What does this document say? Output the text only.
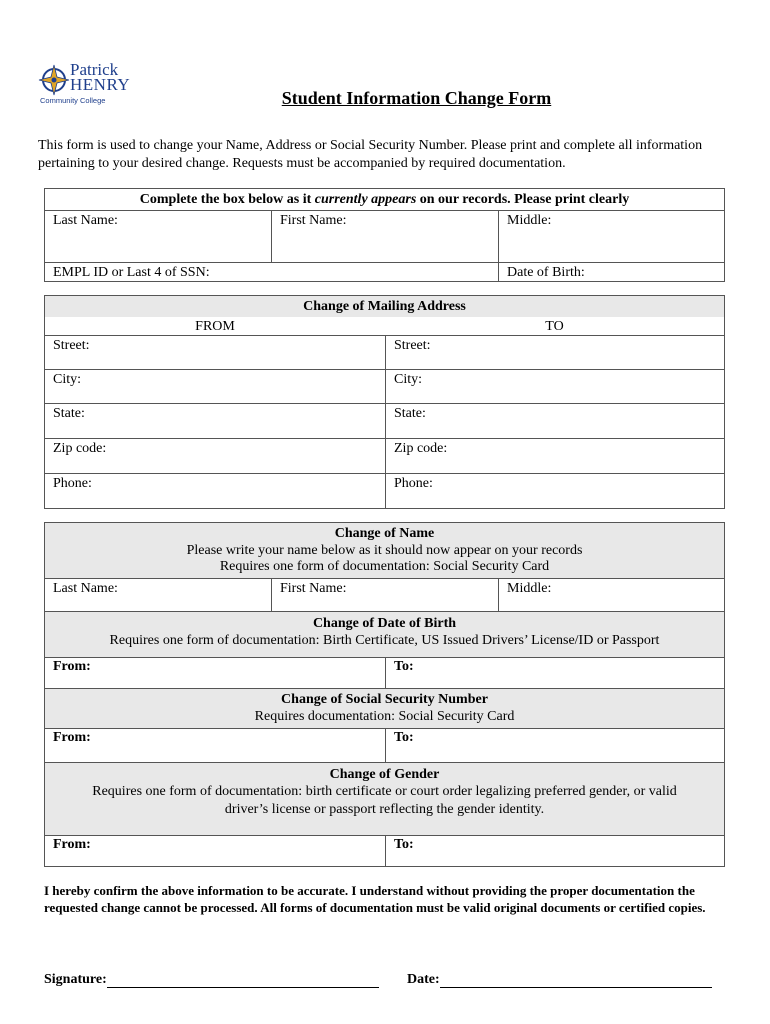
Patrick
HENRY
Community College	Student Information Change Form
This form is used to change your Name, Address or Social Security Number. Please print and complete all information pertaining to your desired change. Requests must be accompanied by required documentation.
Complete the box below as it currently appears on our records. Please print clearly
Last Name:	First Name:	Middle:
EMPL ID or Last 4 of SSN:	Date of Birth:
Change of Mailing Address
FROM	TO
Street:	Street:
City:	City:
State:	State:
Zip code:	Zip code:
Phone:	Phone:
Change of Name
Please write your name below as it should now appear on your records
Requires one form of documentation: Social Security Card
Last Name:	First Name:	Middle:
Change of Date of Birth
Requires one form of documentation: Birth Certificate, US Issued Drivers’ License/ID or Passport
From:	To:
Change of Social Security Number
Requires documentation: Social Security Card
From:	To:
Change of Gender
Requires one form of documentation: birth certificate or court order legalizing preferred gender, or valid
driver’s license or passport reflecting the gender identity.
From:	To:
I hereby confirm the above information to be accurate. I understand without providing the proper documentation the requested change cannot be processed. All forms of documentation must be valid original documents or certified copies.
Signature:	Date:
